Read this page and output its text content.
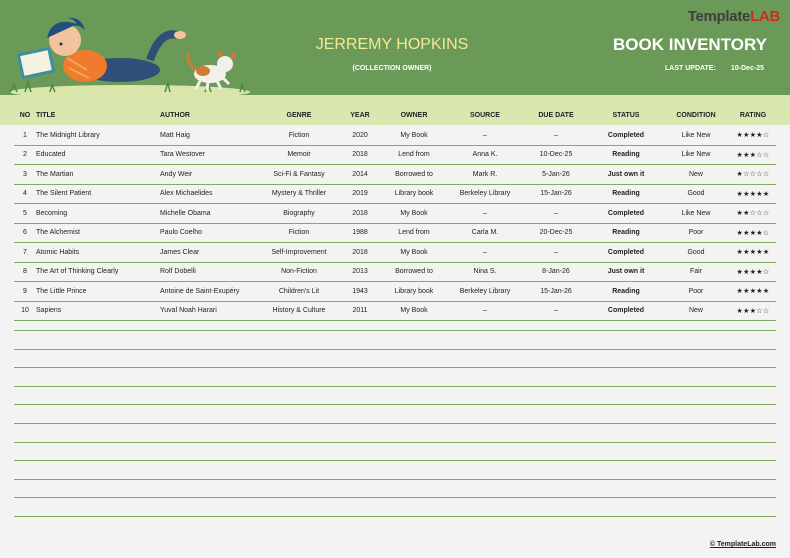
TemplateLAB
JERREMY HOPKINS
(COLLECTION OWNER)
BOOK INVENTORY
LAST UPDATE: 10-Dec-25
NO	TITLE	AUTHOR	GENRE	YEAR	OWNER	SOURCE	DUE DATE	STATUS	CONDITION	RATING
1	The Midnight Library	Matt Haig	Fiction	2020	My Book	–	–	Completed	Like New	★★★★☆
2	Educated	Tara Westover	Memoir	2018	Lend from	Anna K.	10-Dec-25	Reading	Like New	★★★☆☆
3	The Martian	Andy Weir	Sci-Fi & Fantasy	2014	Borrowed to	Mark R.	5-Jan-26	Just own it	New	★☆☆☆☆
4	The Silent Patient	Alex Michaelides	Mystery & Thriller	2019	Library book	Berkeley Library	15-Jan-26	Reading	Good	★★★★★
5	Becoming	Michelle Obama	Biography	2018	My Book	–	–	Completed	Like New	★★☆☆☆
6	The Alchemist	Paulo Coelho	Fiction	1988	Lend from	Carla M.	20-Dec-25	Reading	Poor	★★★★☆
7	Atomic Habits	James Clear	Self-Improvement	2018	My Book	–	–	Completed	Good	★★★★★
8	The Art of Thinking Clearly	Rolf Dobelli	Non-Fiction	2013	Borrowed to	Nina S.	8-Jan-26	Just own it	Fair	★★★★☆
9	The Little Prince	Antoine de Saint-Exupéry	Children's Lit	1943	Library book	Berkeley Library	15-Jan-26	Reading	Poor	★★★★★
10	Sapiens	Yuval Noah Harari	History & Culture	2011	My Book	–	–	Completed	New	★★★☆☆
© TemplateLab.com
